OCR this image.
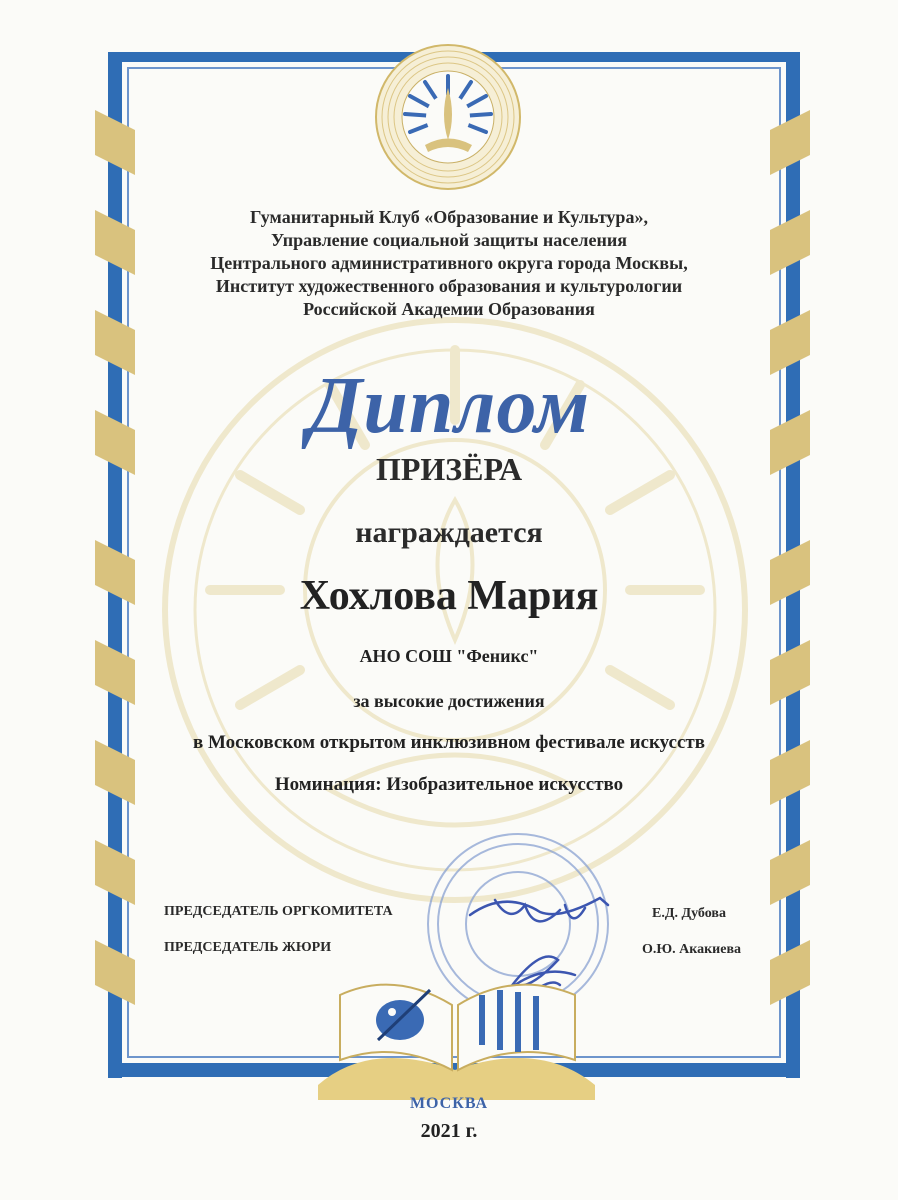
Гуманитарный Клуб «Образование и Культура»,
Управление социальной защиты населения
Центрального административного округа города Москвы,
Институт художественного образования и культурологии
Российской Академии Образования
Диплом
ПРИЗЁРА
награждается
Хохлова Мария
АНО СОШ "Феникс"
за высокие достижения
в Московском открытом инклюзивном фестивале искусств
Номинация: Изобразительное искусство
ПРЕДСЕДАТЕЛЬ ОРГКОМИТЕТА	Е.Д. Дубова
ПРЕДСЕДАТЕЛЬ ЖЮРИ	О.Ю. Акакиева
МОСКВА
2021 г.
